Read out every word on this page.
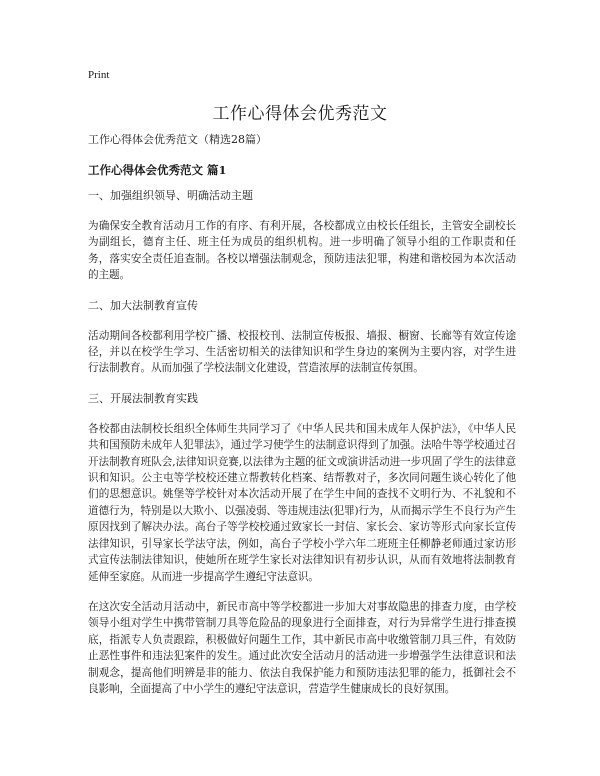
Print
工作心得体会优秀范文
工作心得体会优秀范文（精选28篇）
工作心得体会优秀范文 篇1
一、加强组织领导、明确活动主题

为确保安全教育活动月工作的有序、有利开展，各校都成立由校长任组长，主管安全副校长为副组长，德育主任、班主任为成员的组织机构。进一步明确了领导小组的工作职责和任务，落实安全责任追查制。各校以增强法制观念，预防违法犯罪，构建和谐校园为本次活动的主题。

二、加大法制教育宣传

活动期间各校都利用学校广播、校报校刊、法制宣传板报、墙报、橱窗、长廊等有效宣传途径，并以在校学生学习、生活密切相关的法律知识和学生身边的案例为主要内容，对学生进行法制教育。从而加强了学校法制文化建设，营造浓厚的法制宣传氛围。

三、开展法制教育实践

各校都由法制校长组织全体师生共同学习了《中华人民共和国未成年人保护法》，《中华人民共和国预防未成年人犯罪法》，通过学习使学生的法制意识得到了加强。法哈牛等学校通过召开法制教育班队会,法律知识竞赛,以法律为主题的征文或演讲活动进一步巩固了学生的法律意识和知识。公主屯等学校校还建立帮教转化档案、结帮教对子，多次同问题生谈心转化了他们的思想意识。姚堡等学校针对本次活动开展了在学生中间的查找不文明行为、不礼貌和不道德行为，特别是以大欺小、以强凌弱、等违规违法(犯罪)行为，从而揭示学生不良行为产生原因找到了解决办法。高台子等学校校通过致家长一封信、家长会、家访等形式向家长宣传法律知识，引导家长学法守法，例如，高台子学校小学六年二班班主任柳静老师通过家访形式宣传法制法律知识，使她所在班学生家长对法律知识有初步认识，从而有效地将法制教育延伸至家庭。从而进一步提高学生遵纪守法意识。

在这次安全活动月活动中，新民市高中等学校都进一步加大对事故隐患的排查力度，由学校领导小组对学生中携带管制刀具等危险品的现象进行全面排查，对行为异常学生进行排查摸底，指派专人负责跟踪，积极做好问题生工作，其中新民市高中收缴管制刀具三件，有效防止恶性事件和违法犯案件的发生。通过此次安全活动月的活动进一步增强学生法律意识和法制观念，提高他们明辨是非的能力、依法自我保护能力和预防违法犯罪的能力，抵御社会不良影响，全面提高了中小学生的遵纪守法意识，营造学生健康成长的良好氛围。
